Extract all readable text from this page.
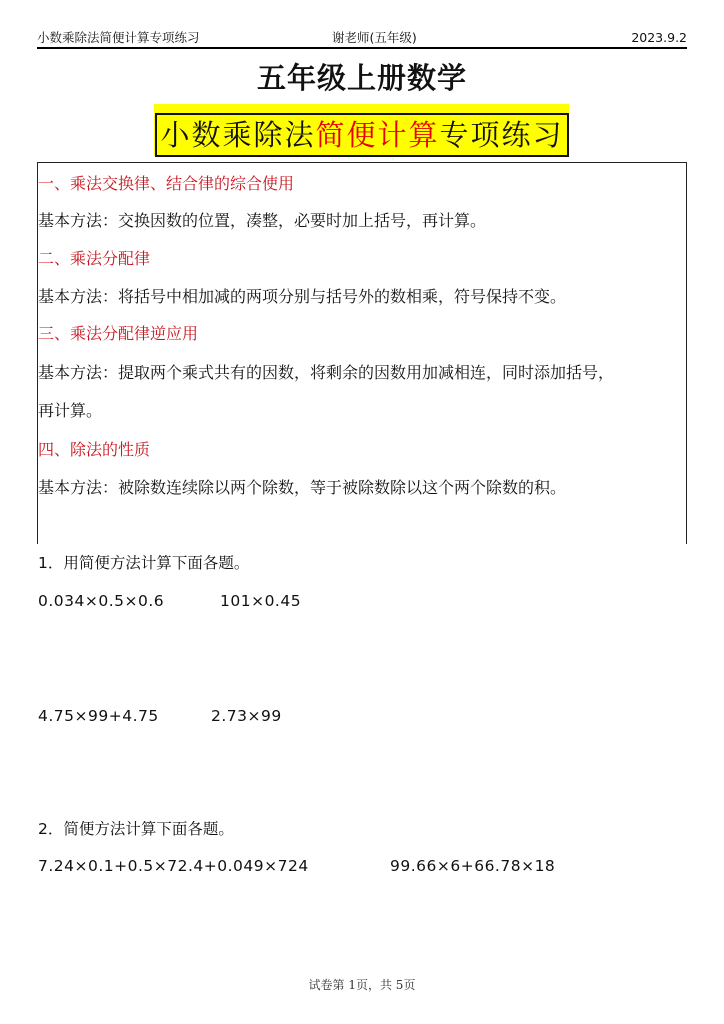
小数乘除法简便计算专项练习	谢老师(五年级)	2023.9.2
五年级上册数学
小数乘除法简便计算专项练习
一、乘法交换律、结合律的综合使用
基本方法：交换因数的位置，凑整，必要时加上括号，再计算。
二、乘法分配律
基本方法：将括号中相加减的两项分别与括号外的数相乘，符号保持不变。
三、乘法分配律逆应用
基本方法：提取两个乘式共有的因数，将剩余的因数用加减相连，同时添加括号，
再计算。
四、除法的性质
基本方法：被除数连续除以两个除数，等于被除数除以这个两个除数的积。
1．用简便方法计算下面各题。
0.034×0.5×0.6	101×0.45
4.75×99+4.75	2.73×99
2．简便方法计算下面各题。
7.24×0.1+0.5×72.4+0.049×724	99.66×6+66.78×18
试卷第 1页，共 5页
